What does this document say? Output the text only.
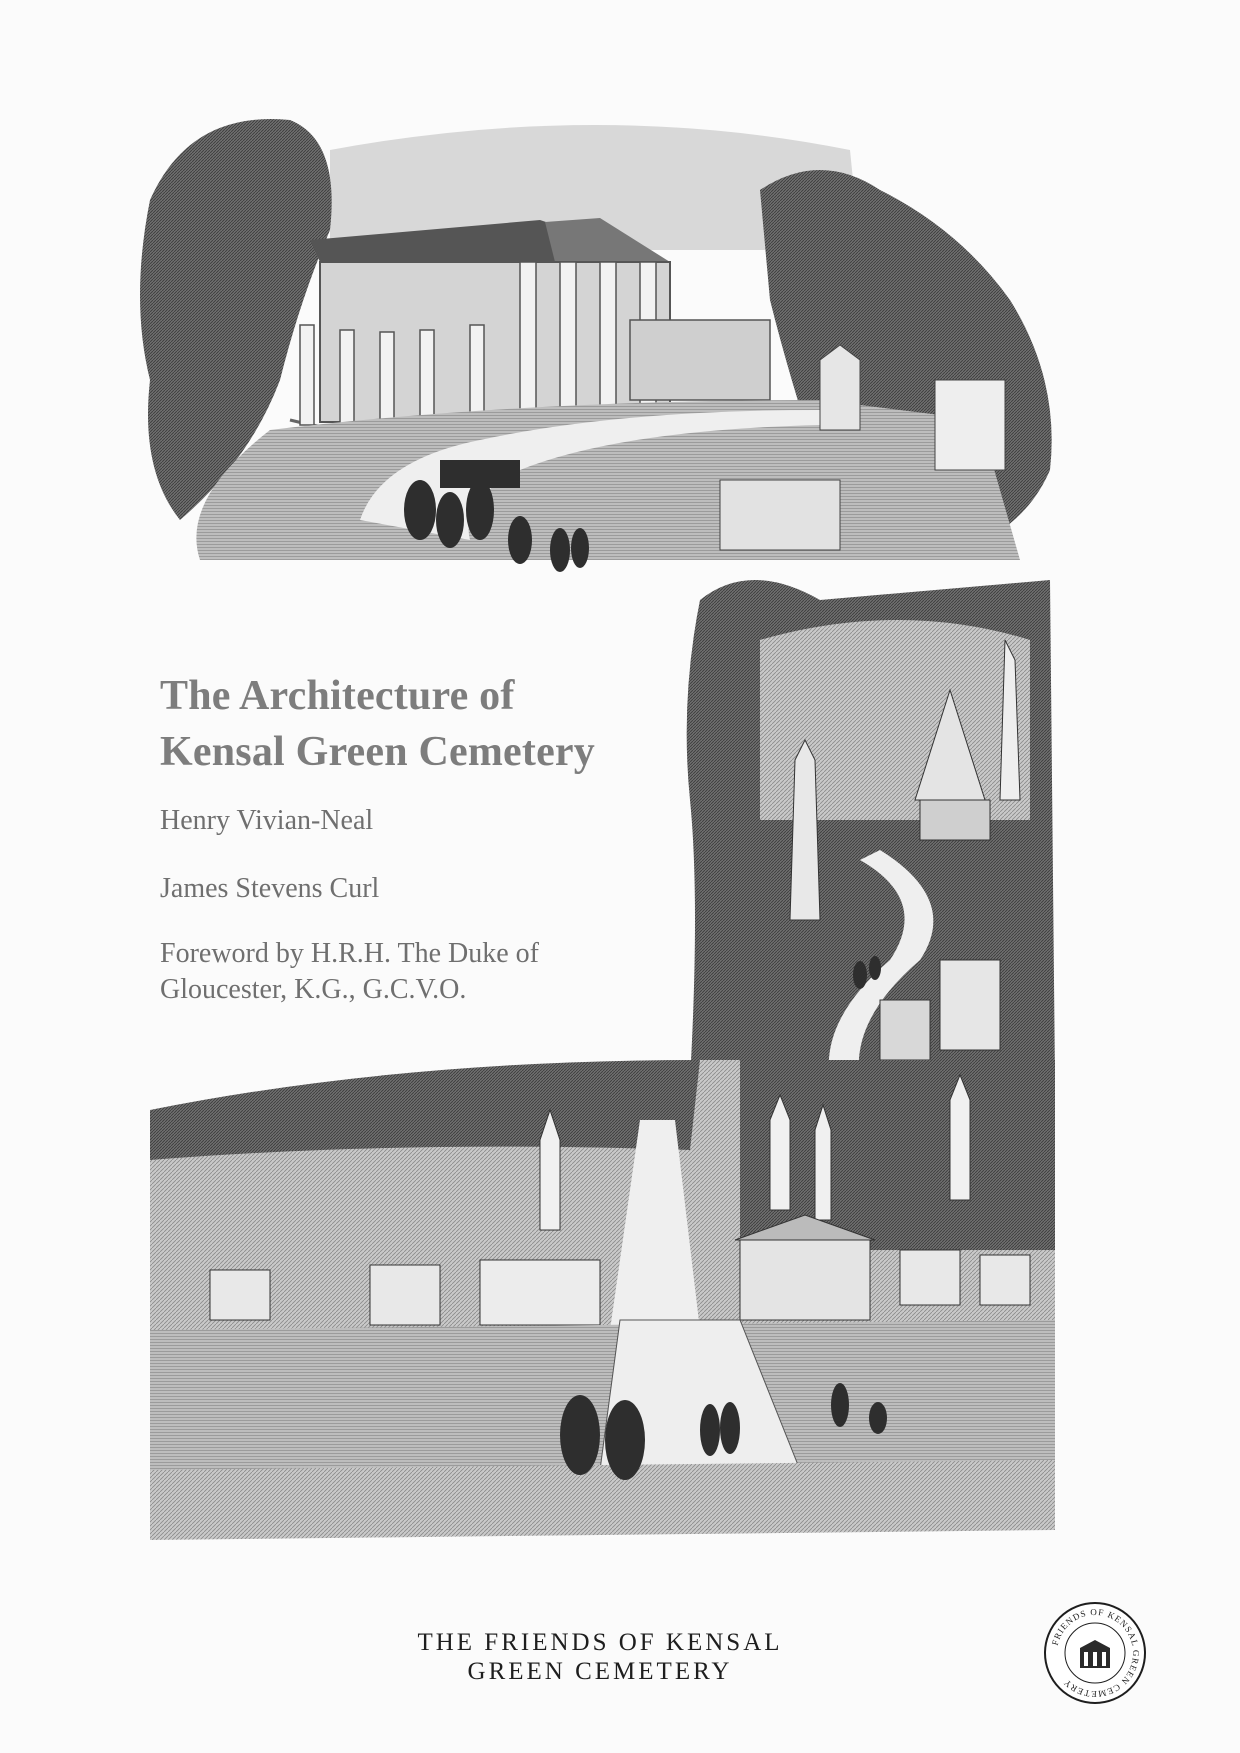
The Architecture of
Kensal Green Cemetery

Henry Vivian-Neal

James Stevens Curl

Foreword by H.R.H. The Duke of
Gloucester, K.G., G.C.V.O.

THE FRIENDS OF KENSAL
GREEN CEMETERY
FRIENDS OF KENSAL GREEN CEMETERY
